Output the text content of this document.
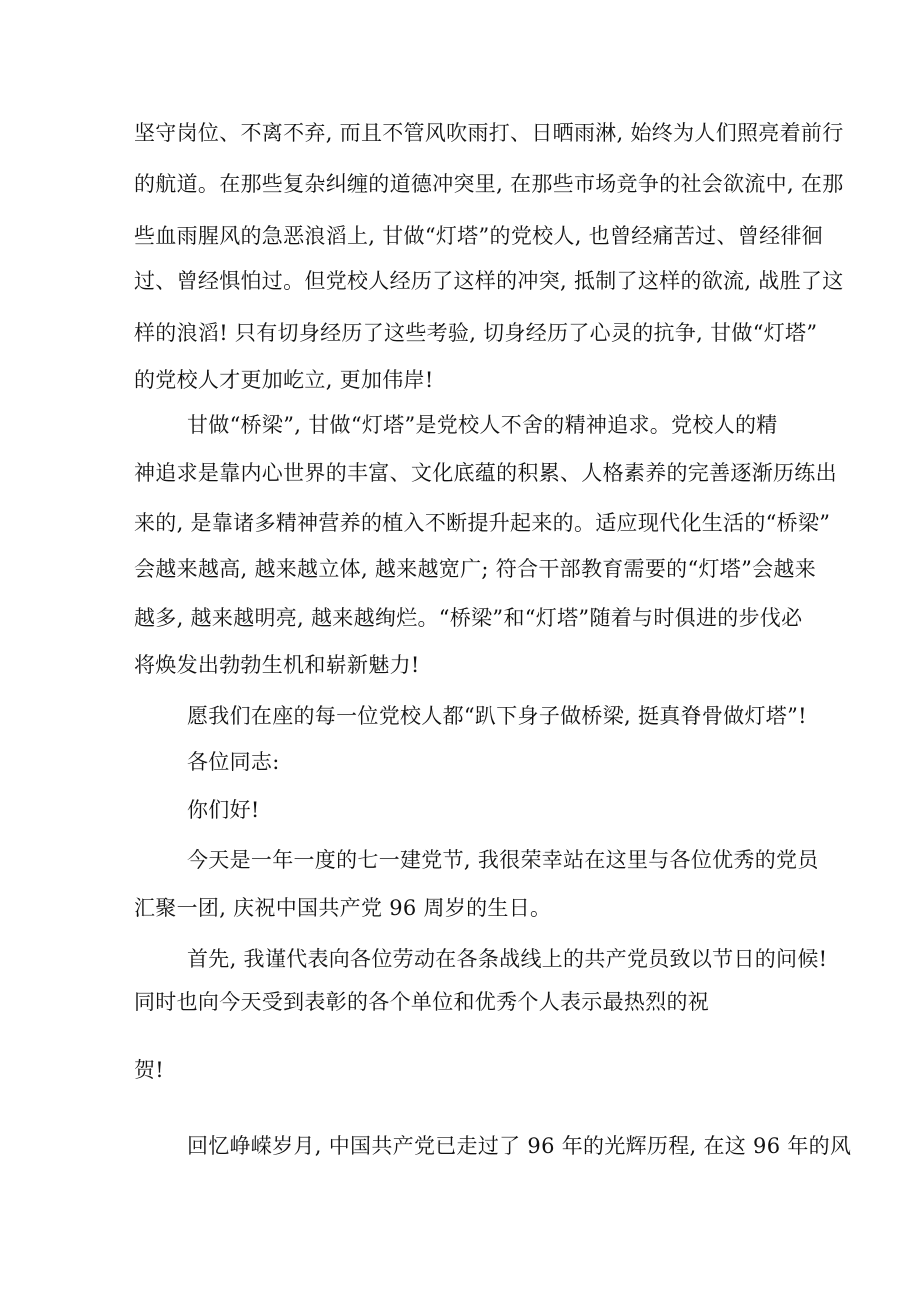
坚守岗位、不离不弃, 而且不管风吹雨打、日晒雨淋, 始终为人们照亮着前行
的航道。在那些复杂纠缠的道德冲突里, 在那些市场竞争的社会欲流中, 在那
些血雨腥风的急恶浪滔上, 甘做“灯塔”的党校人, 也曾经痛苦过、曾经徘徊
过、曾经惧怕过。但党校人经历了这样的冲突, 抵制了这样的欲流, 战胜了这
样的浪滔! 只有切身经历了这些考验, 切身经历了心灵的抗争, 甘做“灯塔”
的党校人才更加屹立, 更加伟岸!
甘做“桥梁”, 甘做“灯塔”是党校人不舍的精神追求。党校人的精
神追求是靠内心世界的丰富、文化底蕴的积累、人格素养的完善逐渐历练出
来的, 是靠诸多精神营养的植入不断提升起来的。适应现代化生活的“桥梁”
会越来越高, 越来越立体, 越来越宽广; 符合干部教育需要的“灯塔”会越来
越多, 越来越明亮, 越来越绚烂。“桥梁”和“灯塔”随着与时俱进的步伐必
将焕发出勃勃生机和崭新魅力!
愿我们在座的每一位党校人都“趴下身子做桥梁, 挺真脊骨做灯塔”!
各位同志:
你们好!
今天是一年一度的七一建党节, 我很荣幸站在这里与各位优秀的党员
汇聚一团, 庆祝中国共产党 96 周岁的生日。
首先, 我谨代表向各位劳动在各条战线上的共产党员致以节日的问候!
同时也向今天受到表彰的各个单位和优秀个人表示最热烈的祝
贺!
回忆峥嵘岁月, 中国共产党已走过了 96 年的光辉历程, 在这 96 年的风
